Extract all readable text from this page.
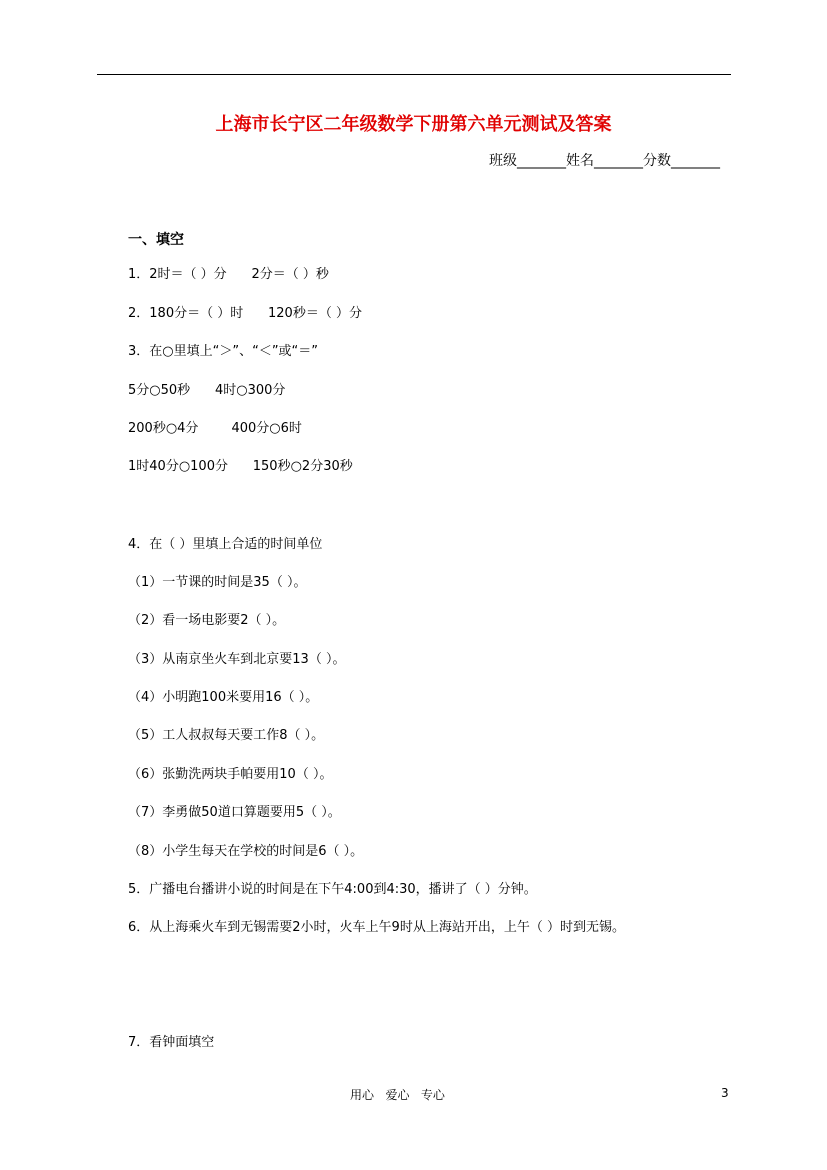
上海市长宁区二年级数学下册第六单元测试及答案
班级_______姓名_______分数_______
一、填空
1．2时＝（ ）分      2分＝（ ）秒
2．180分＝（ ）时      120秒＝（ ）分
3．在○里填上“＞”、“＜”或“＝”
5分○50秒      4时○300分
200秒○4分        400分○6时
1时40分○100分      150秒○2分30秒
4．在（ ）里填上合适的时间单位
（1）一节课的时间是35（ ）。
（2）看一场电影要2（ ）。
（3）从南京坐火车到北京要13（ ）。
（4）小明跑100米要用16（ ）。
（5）工人叔叔每天要工作8（ ）。
（6）张勤洗两块手帕要用10（ ）。
（7）李勇做50道口算题要用5（ ）。
（8）小学生每天在学校的时间是6（ ）。
5．广播电台播讲小说的时间是在下午4:00到4:30，播讲了（ ）分钟。
6．从上海乘火车到无锡需要2小时，火车上午9时从上海站开出，上午（ ）时到无锡。
7．看钟面填空
用心   爱心   专心	3
